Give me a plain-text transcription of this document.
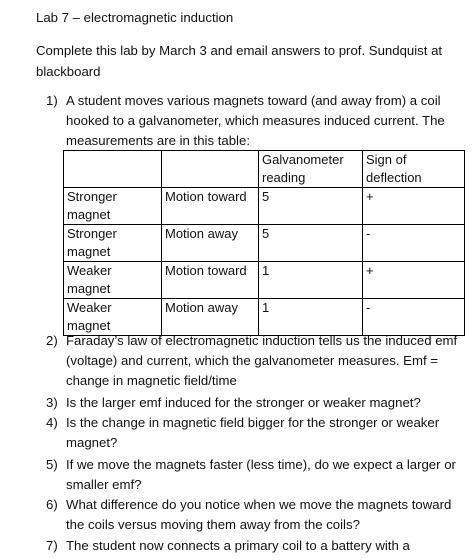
Lab 7 – electromagnetic induction
Complete this lab by March 3 and email answers to prof. Sundquist at blackboard
1) A student moves various magnets toward (and away from) a coil hooked to a galvanometer, which measures induced current. The measurements are in this table:
		Galvanometer reading	Sign of deflection
Stronger magnet	Motion toward	5	+
Stronger magnet	Motion away	5	-
Weaker magnet	Motion toward	1	+
Weaker magnet	Motion away	1	-
2) Faraday’s law of electromagnetic induction tells us the induced emf (voltage) and current, which the galvanometer measures. Emf = change in magnetic field/time
3) Is the larger emf induced for the stronger or weaker magnet?
4) Is the change in magnetic field bigger for the stronger or weaker magnet?
5) If we move the magnets faster (less time), do we expect a larger or smaller emf?
6) What difference do you notice when we move the magnets toward the coils versus moving them away from the coils?
7) The student now connects a primary coil to a battery with a
